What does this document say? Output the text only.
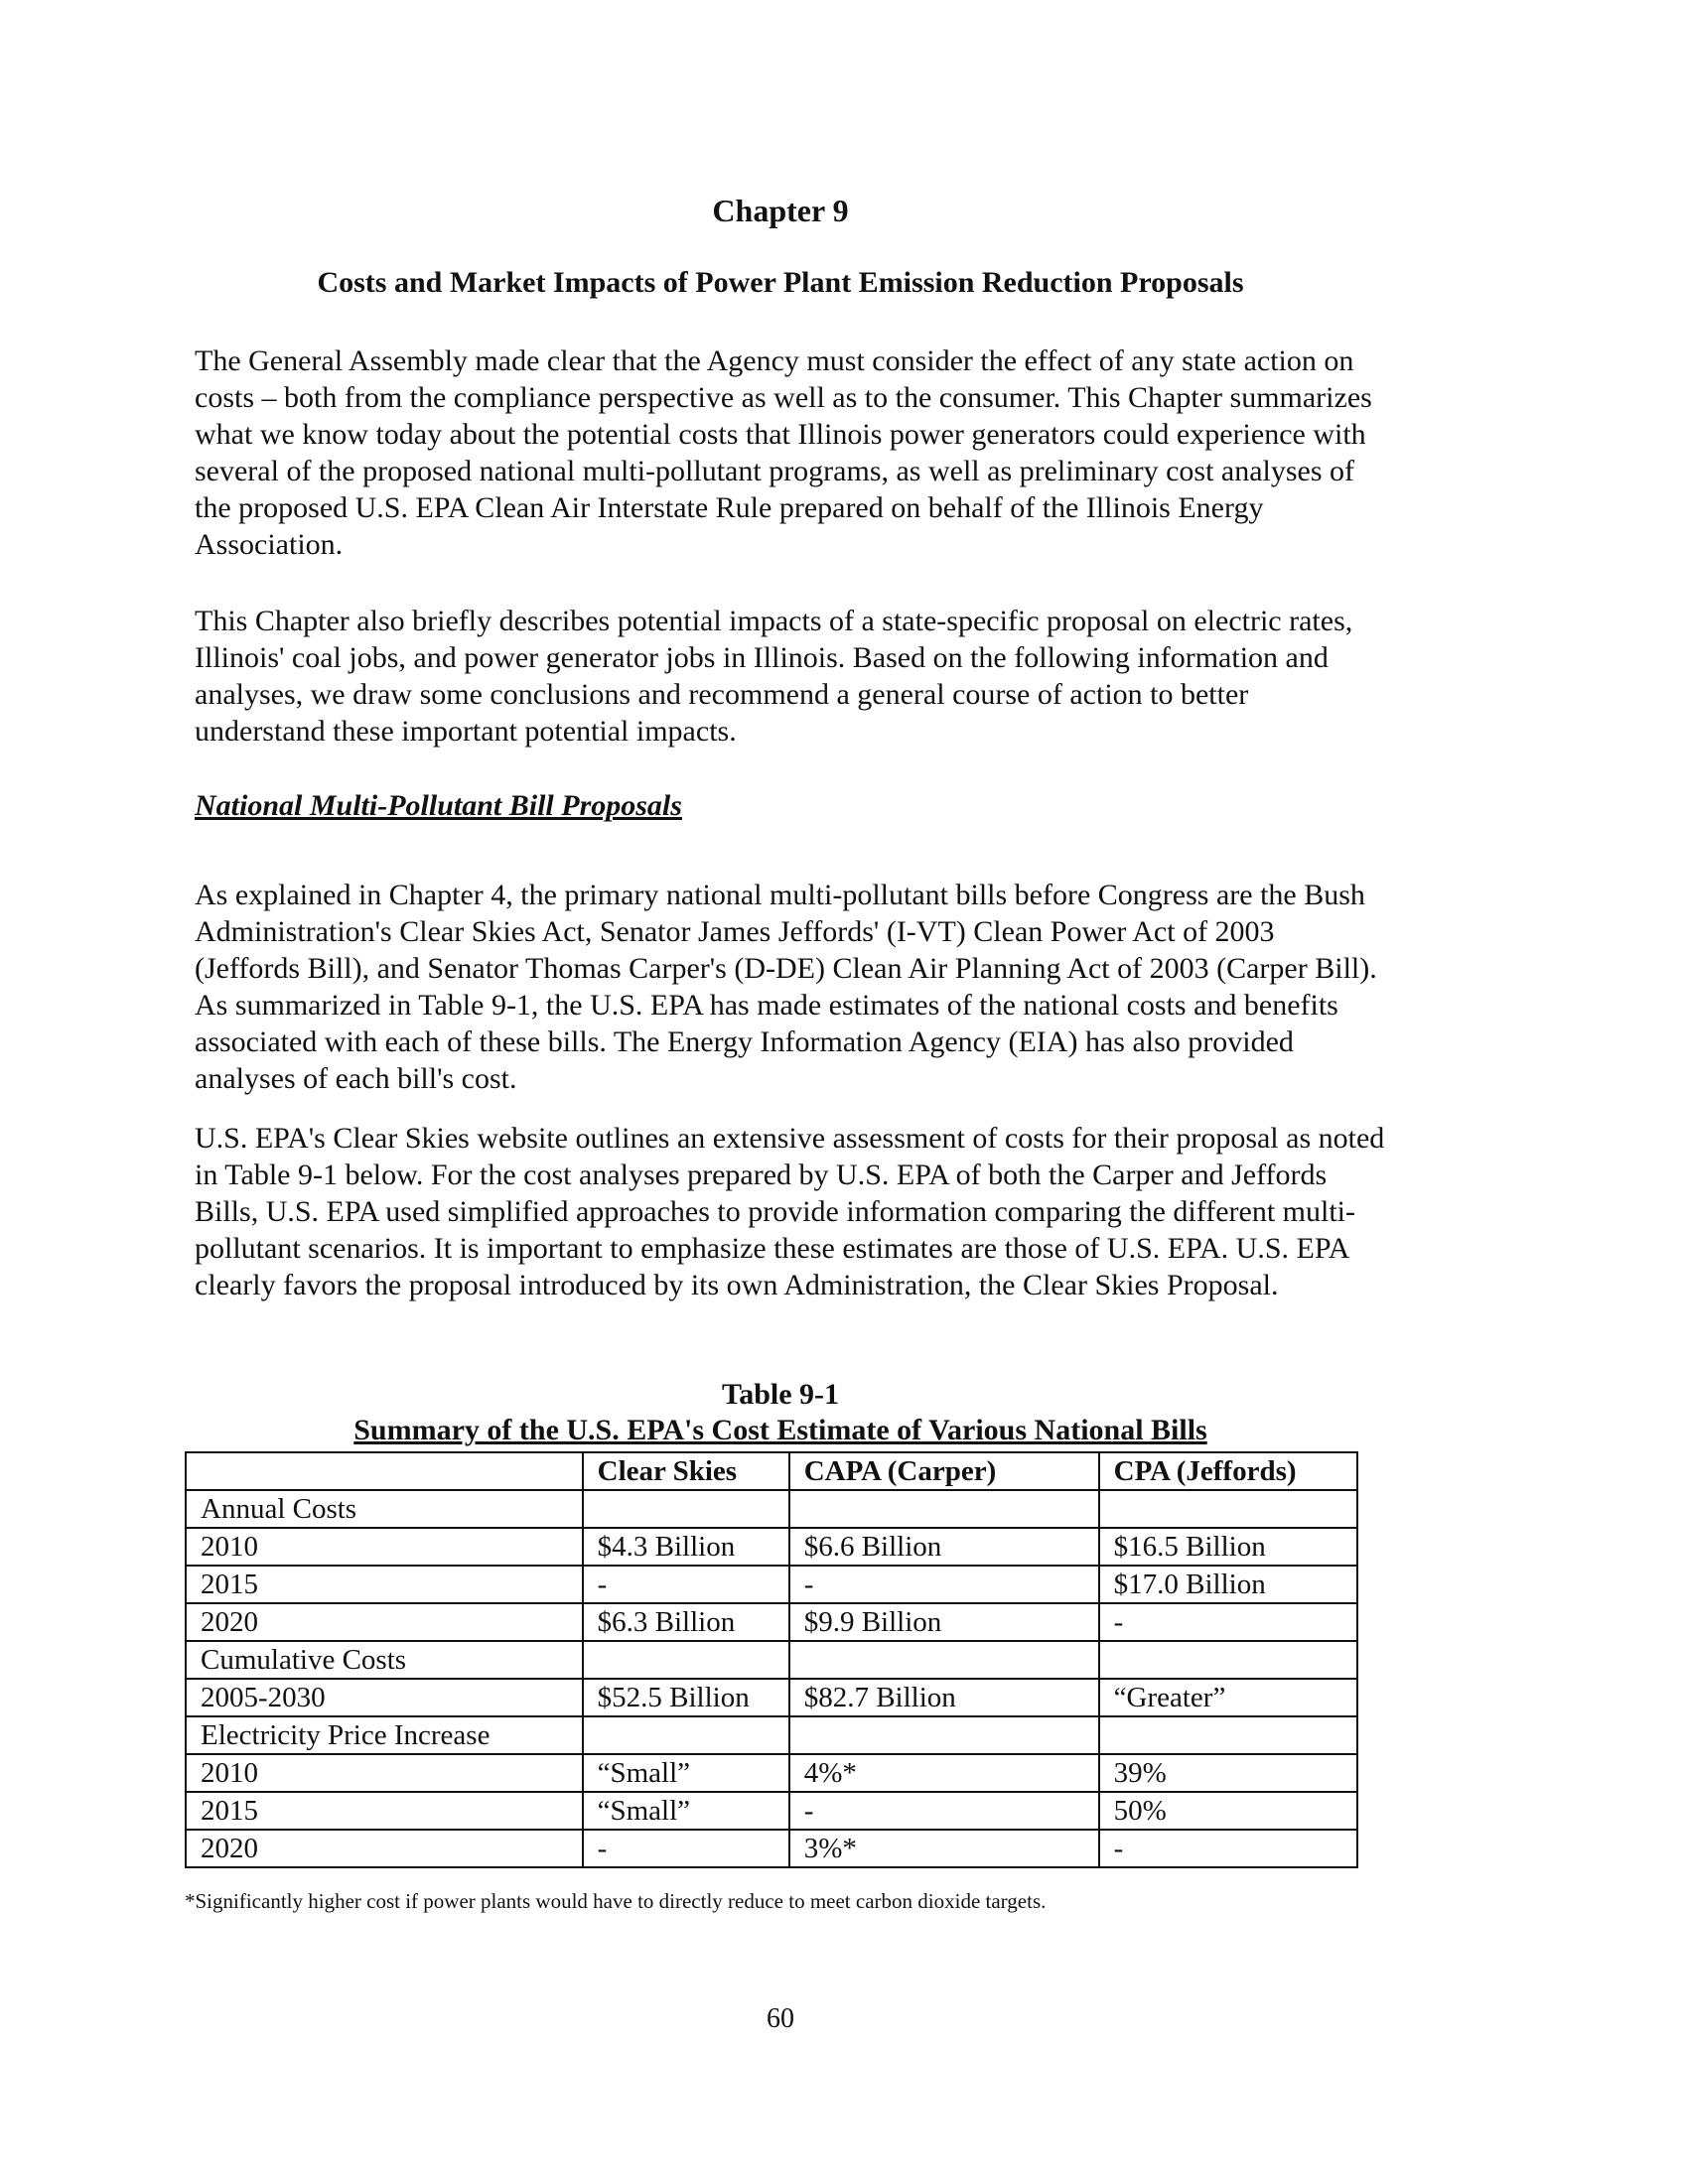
Chapter 9
Costs and Market Impacts of Power Plant Emission Reduction Proposals

The General Assembly made clear that the Agency must consider the effect of any state action on costs – both from the compliance perspective as well as to the consumer. This Chapter summarizes what we know today about the potential costs that Illinois power generators could experience with several of the proposed national multi-pollutant programs, as well as preliminary cost analyses of the proposed U.S. EPA Clean Air Interstate Rule prepared on behalf of the Illinois Energy Association.

This Chapter also briefly describes potential impacts of a state-specific proposal on electric rates, Illinois' coal jobs, and power generator jobs in Illinois. Based on the following information and analyses, we draw some conclusions and recommend a general course of action to better understand these important potential impacts.

National Multi-Pollutant Bill Proposals

As explained in Chapter 4, the primary national multi-pollutant bills before Congress are the Bush Administration's Clear Skies Act, Senator James Jeffords' (I-VT) Clean Power Act of 2003 (Jeffords Bill), and Senator Thomas Carper's (D-DE) Clean Air Planning Act of 2003 (Carper Bill). As summarized in Table 9-1, the U.S. EPA has made estimates of the national costs and benefits associated with each of these bills. The Energy Information Agency (EIA) has also provided analyses of each bill's cost.

U.S. EPA's Clear Skies website outlines an extensive assessment of costs for their proposal as noted in Table 9-1 below. For the cost analyses prepared by U.S. EPA of both the Carper and Jeffords Bills, U.S. EPA used simplified approaches to provide information comparing the different multi-pollutant scenarios. It is important to emphasize these estimates are those of U.S. EPA. U.S. EPA clearly favors the proposal introduced by its own Administration, the Clear Skies Proposal.

Table 9-1
Summary of the U.S. EPA's Cost Estimate of Various National Bills
	Clear Skies	CAPA (Carper)	CPA (Jeffords)
Annual Costs			
2010	$4.3 Billion	$6.6 Billion	$16.5 Billion
2015	-	-	$17.0 Billion
2020	$6.3 Billion	$9.9 Billion	-
Cumulative Costs			
2005-2030	$52.5 Billion	$82.7 Billion	“Greater”
Electricity Price Increase			
2010	“Small”	4%*	39%
2015	“Small”	-	50%
2020	-	3%*	-
*Significantly higher cost if power plants would have to directly reduce to meet carbon dioxide targets.
60
